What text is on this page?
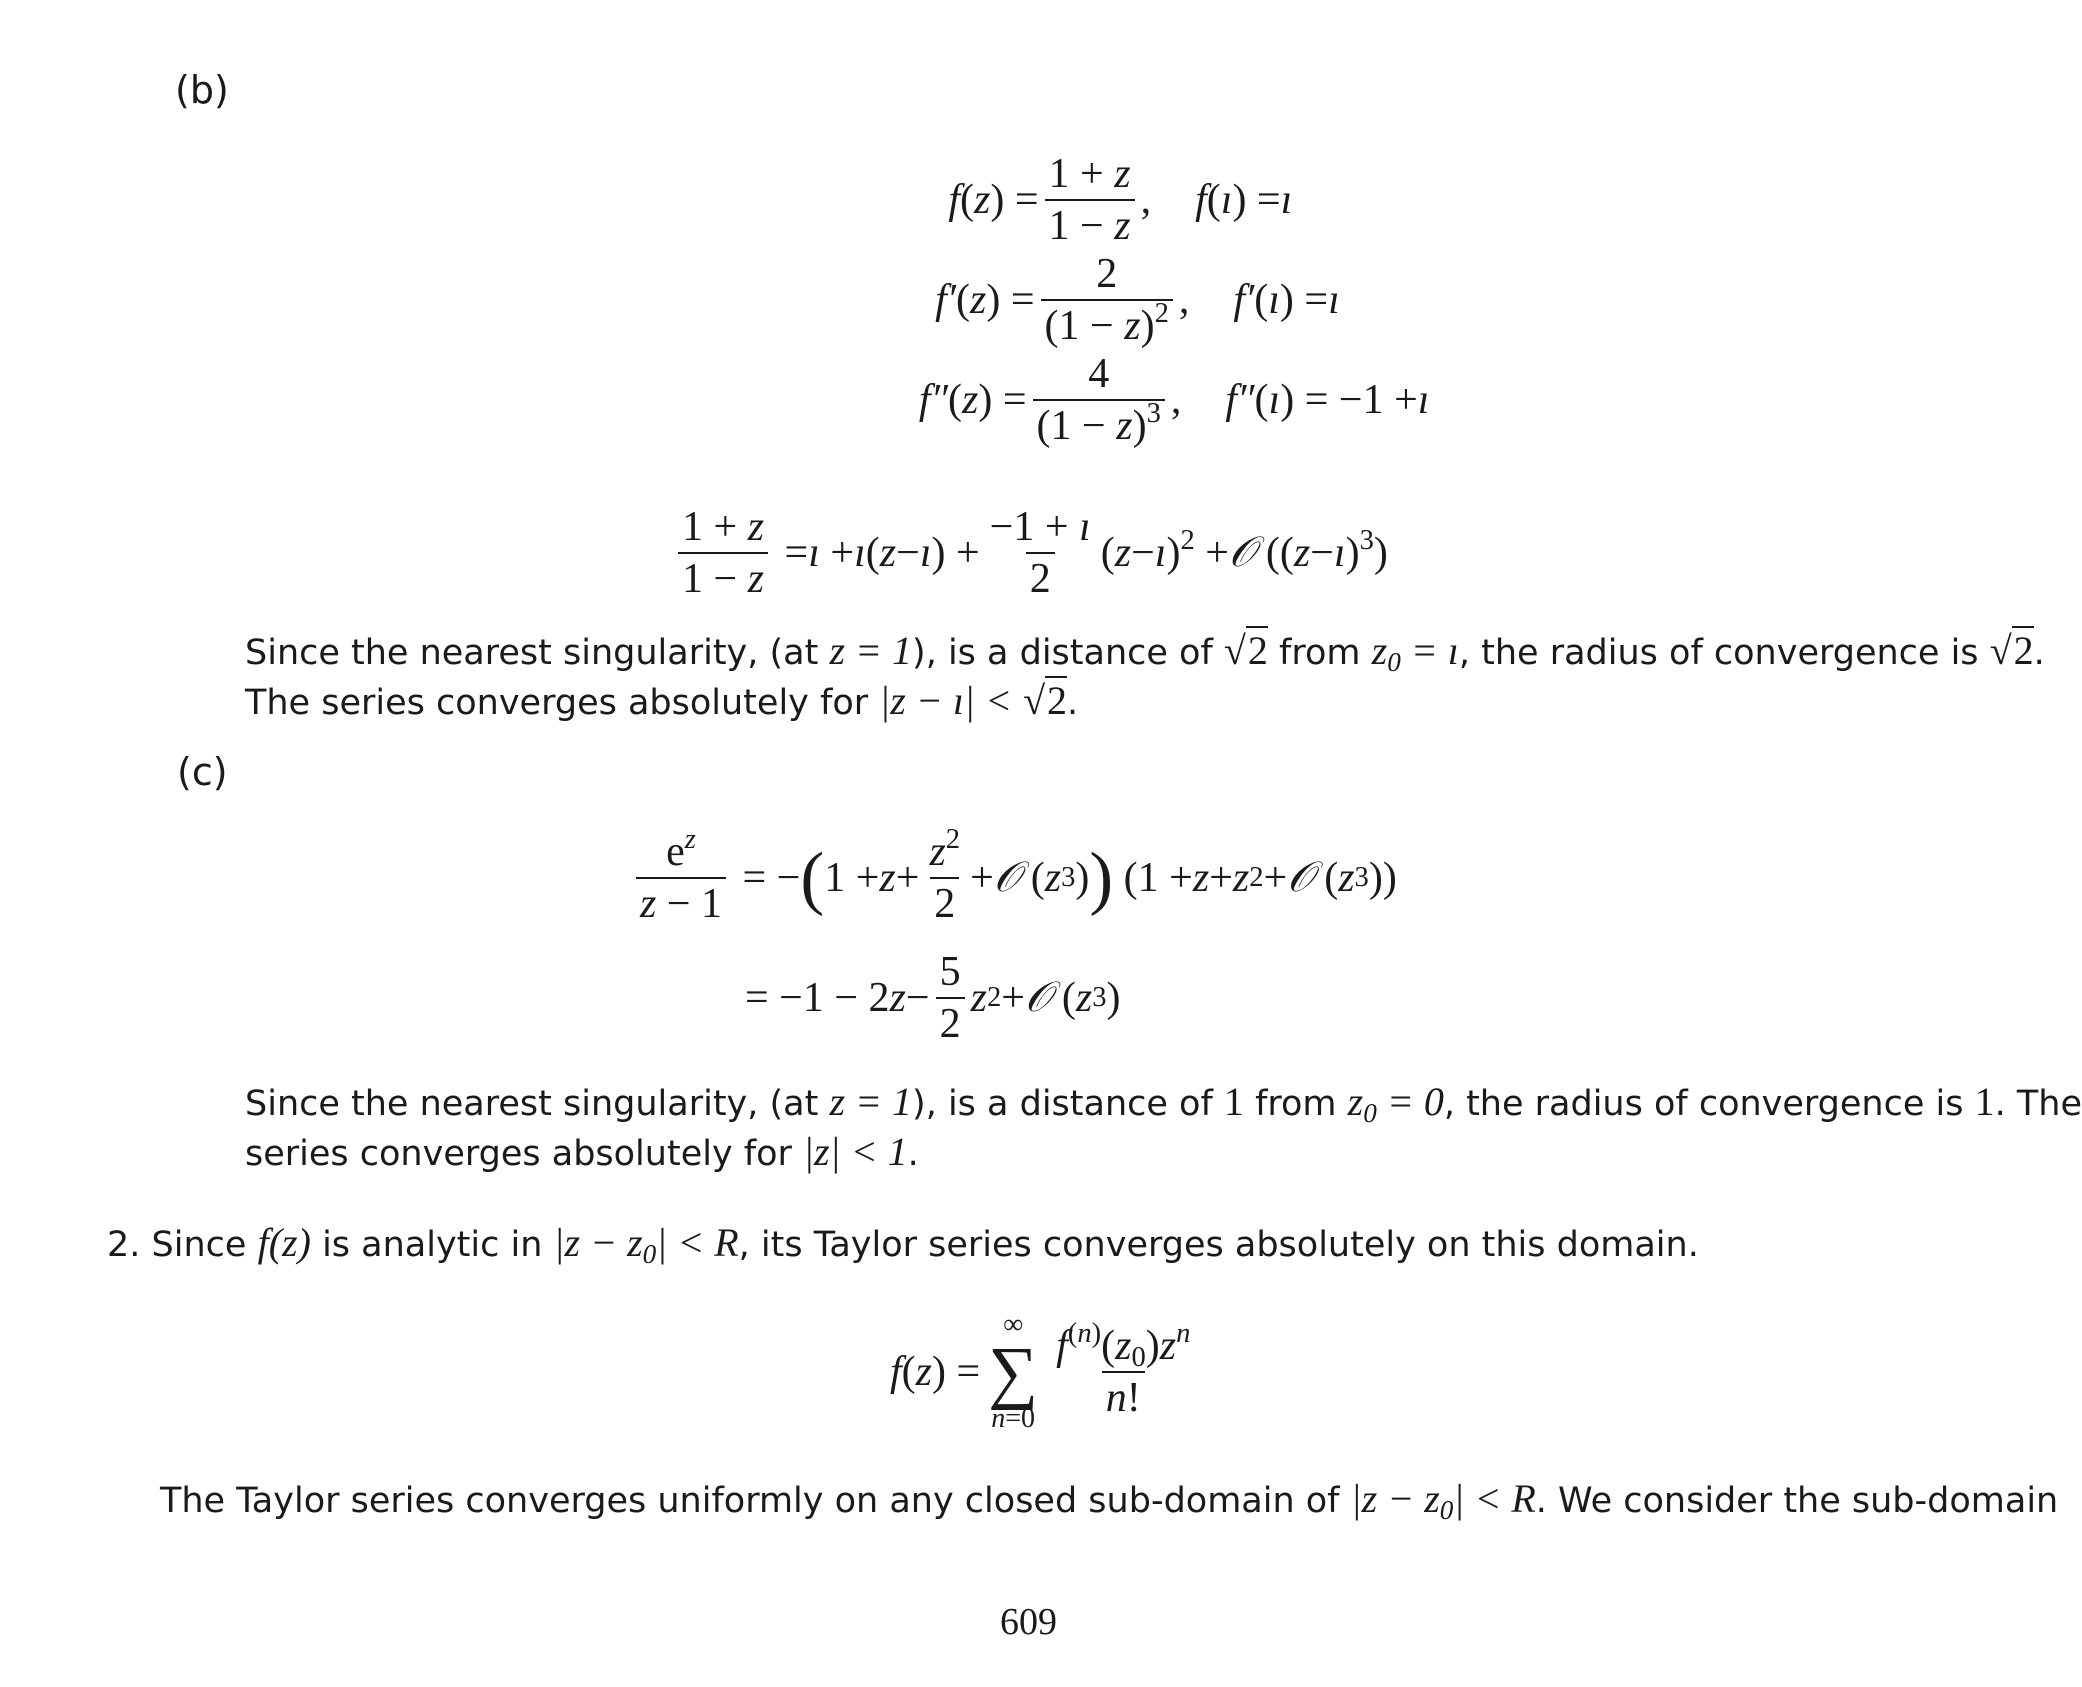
(b)
f ( z ) = $\frac{1 + z}{1 - z}$ , f ( ı ) = ı
f′ ( z ) = $\frac{2}{(1 - z)^2}$ , f′ ( ı ) = ı
f″ ( z ) = $\frac{4}{(1 - z)^3}$ , f″ ( ı ) = −1 + ı
$\frac{1 + z}{1 - z}$ = ı + ı ( z − ı ) + $\frac{-1 + ı}{2}$ ( z − ı )$^2$ + 𝒪 (( z − ı )$^3$)
Since the nearest singularity, (at z = 1), is a distance of √2 from $z_0$ = ı, the radius of convergence is √2.
The series converges absolutely for |z − ı| < √2.
(c)
$\frac{e^z}{z - 1}$ = − ( $1 + z + \frac{z^2}{2}$ + 𝒪 ( z 3 ) ) (1 + z + z 2 + 𝒪 ( z 3 ))
= −1 − 2 $z - \frac{5}{2}$ z 2 + 𝒪 ( z 3 )
Since the nearest singularity, (at z = 1), is a distance of 1 from $z_0 = 0$, the radius of convergence is 1. The
series converges absolutely for |z| < 1.
2. Since f(z) is analytic in $|z - z_0| < R$, its Taylor series converges absolutely on this domain.
f ( z ) =
∞
∑
$n=0 \frac{f^{(n)}(z_0)z^n}{n!}$
The Taylor series converges uniformly on any closed sub-domain of $|z - z_0| < R$. We consider the sub-domain
609
